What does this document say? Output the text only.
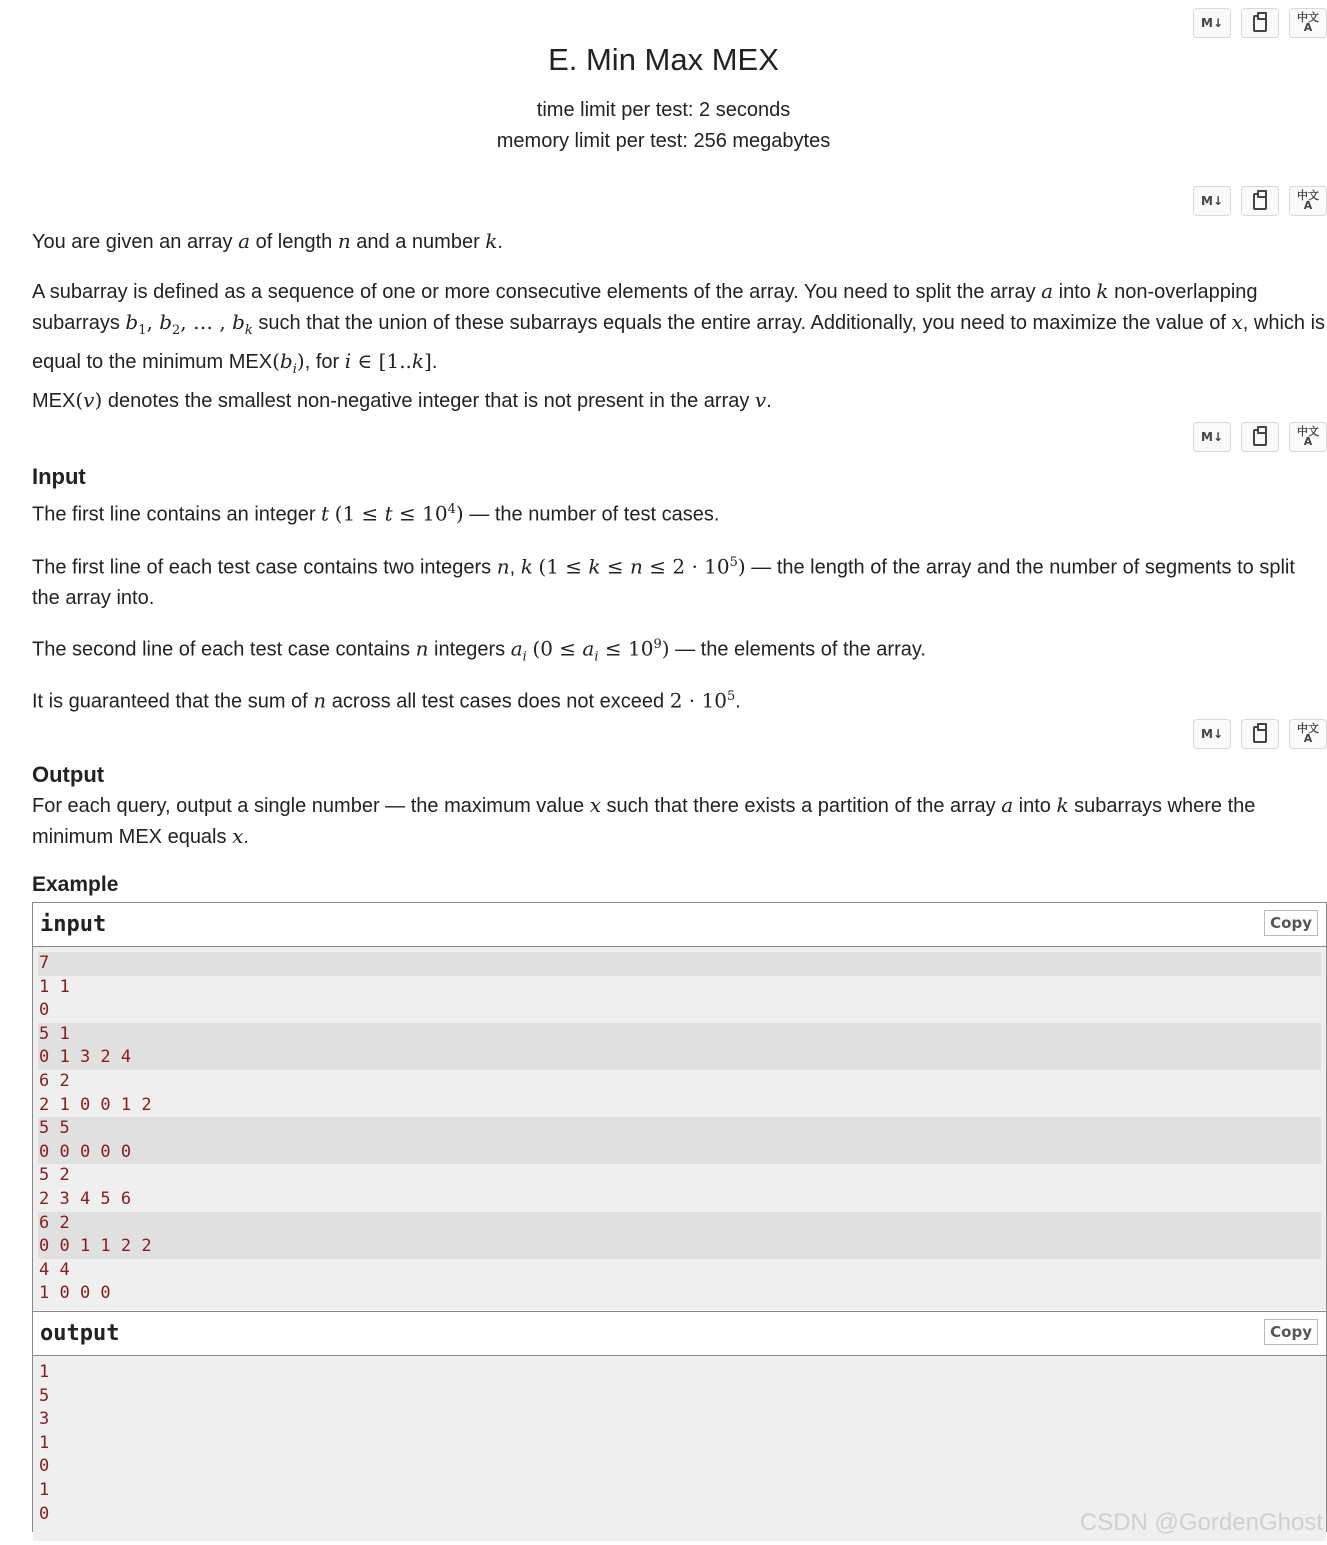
M↓	中文
A
M↓	中文
A
M↓	中文
A
M↓	中文
A
E. Min Max MEX
time limit per test: 2 seconds
memory limit per test: 256 megabytes
You are given an array a of length n and a number k.
A subarray is defined as a sequence of one or more consecutive elements of the array. You need to split the array a into k non-overlapping subarrays $b_1$, $b_2$, … , $b_k$ such that the union of these subarrays equals the entire array. Additionally, you need to maximize the value of x, which is equal to the minimum $MEX(b_i)$, for i ∈ [1..k].
MEX(v) denotes the smallest non-negative integer that is not present in the array v.
Input
The first line contains an integer t $(1 \le t \le 10^4)$ — the number of test cases.
The first line of each test case contains two integers n, k $(1 \le k \le n \le 2 \cdot 10^5)$ — the length of the array and the number of segments to split the array into.
The second line of each test case contains n integers $a_i$ $(0 \le a_i \le 10^9)$ — the elements of the array.
It is guaranteed that the sum of n across all test cases does not exceed $2 \cdot 10^5$.
Output
For each query, output a single number — the maximum value x such that there exists a partition of the array a into k subarrays where the minimum MEX equals x.
Example
input	Copy
7
1 1
0
5 1
0 1 3 2 4
6 2
2 1 0 0 1 2
5 5
0 0 0 0 0
5 2
2 3 4 5 6
6 2
0 0 1 1 2 2
4 4
1 0 0 0
output	Copy
1
5
3
1
0
1
0	CSDN @GordenGhost
